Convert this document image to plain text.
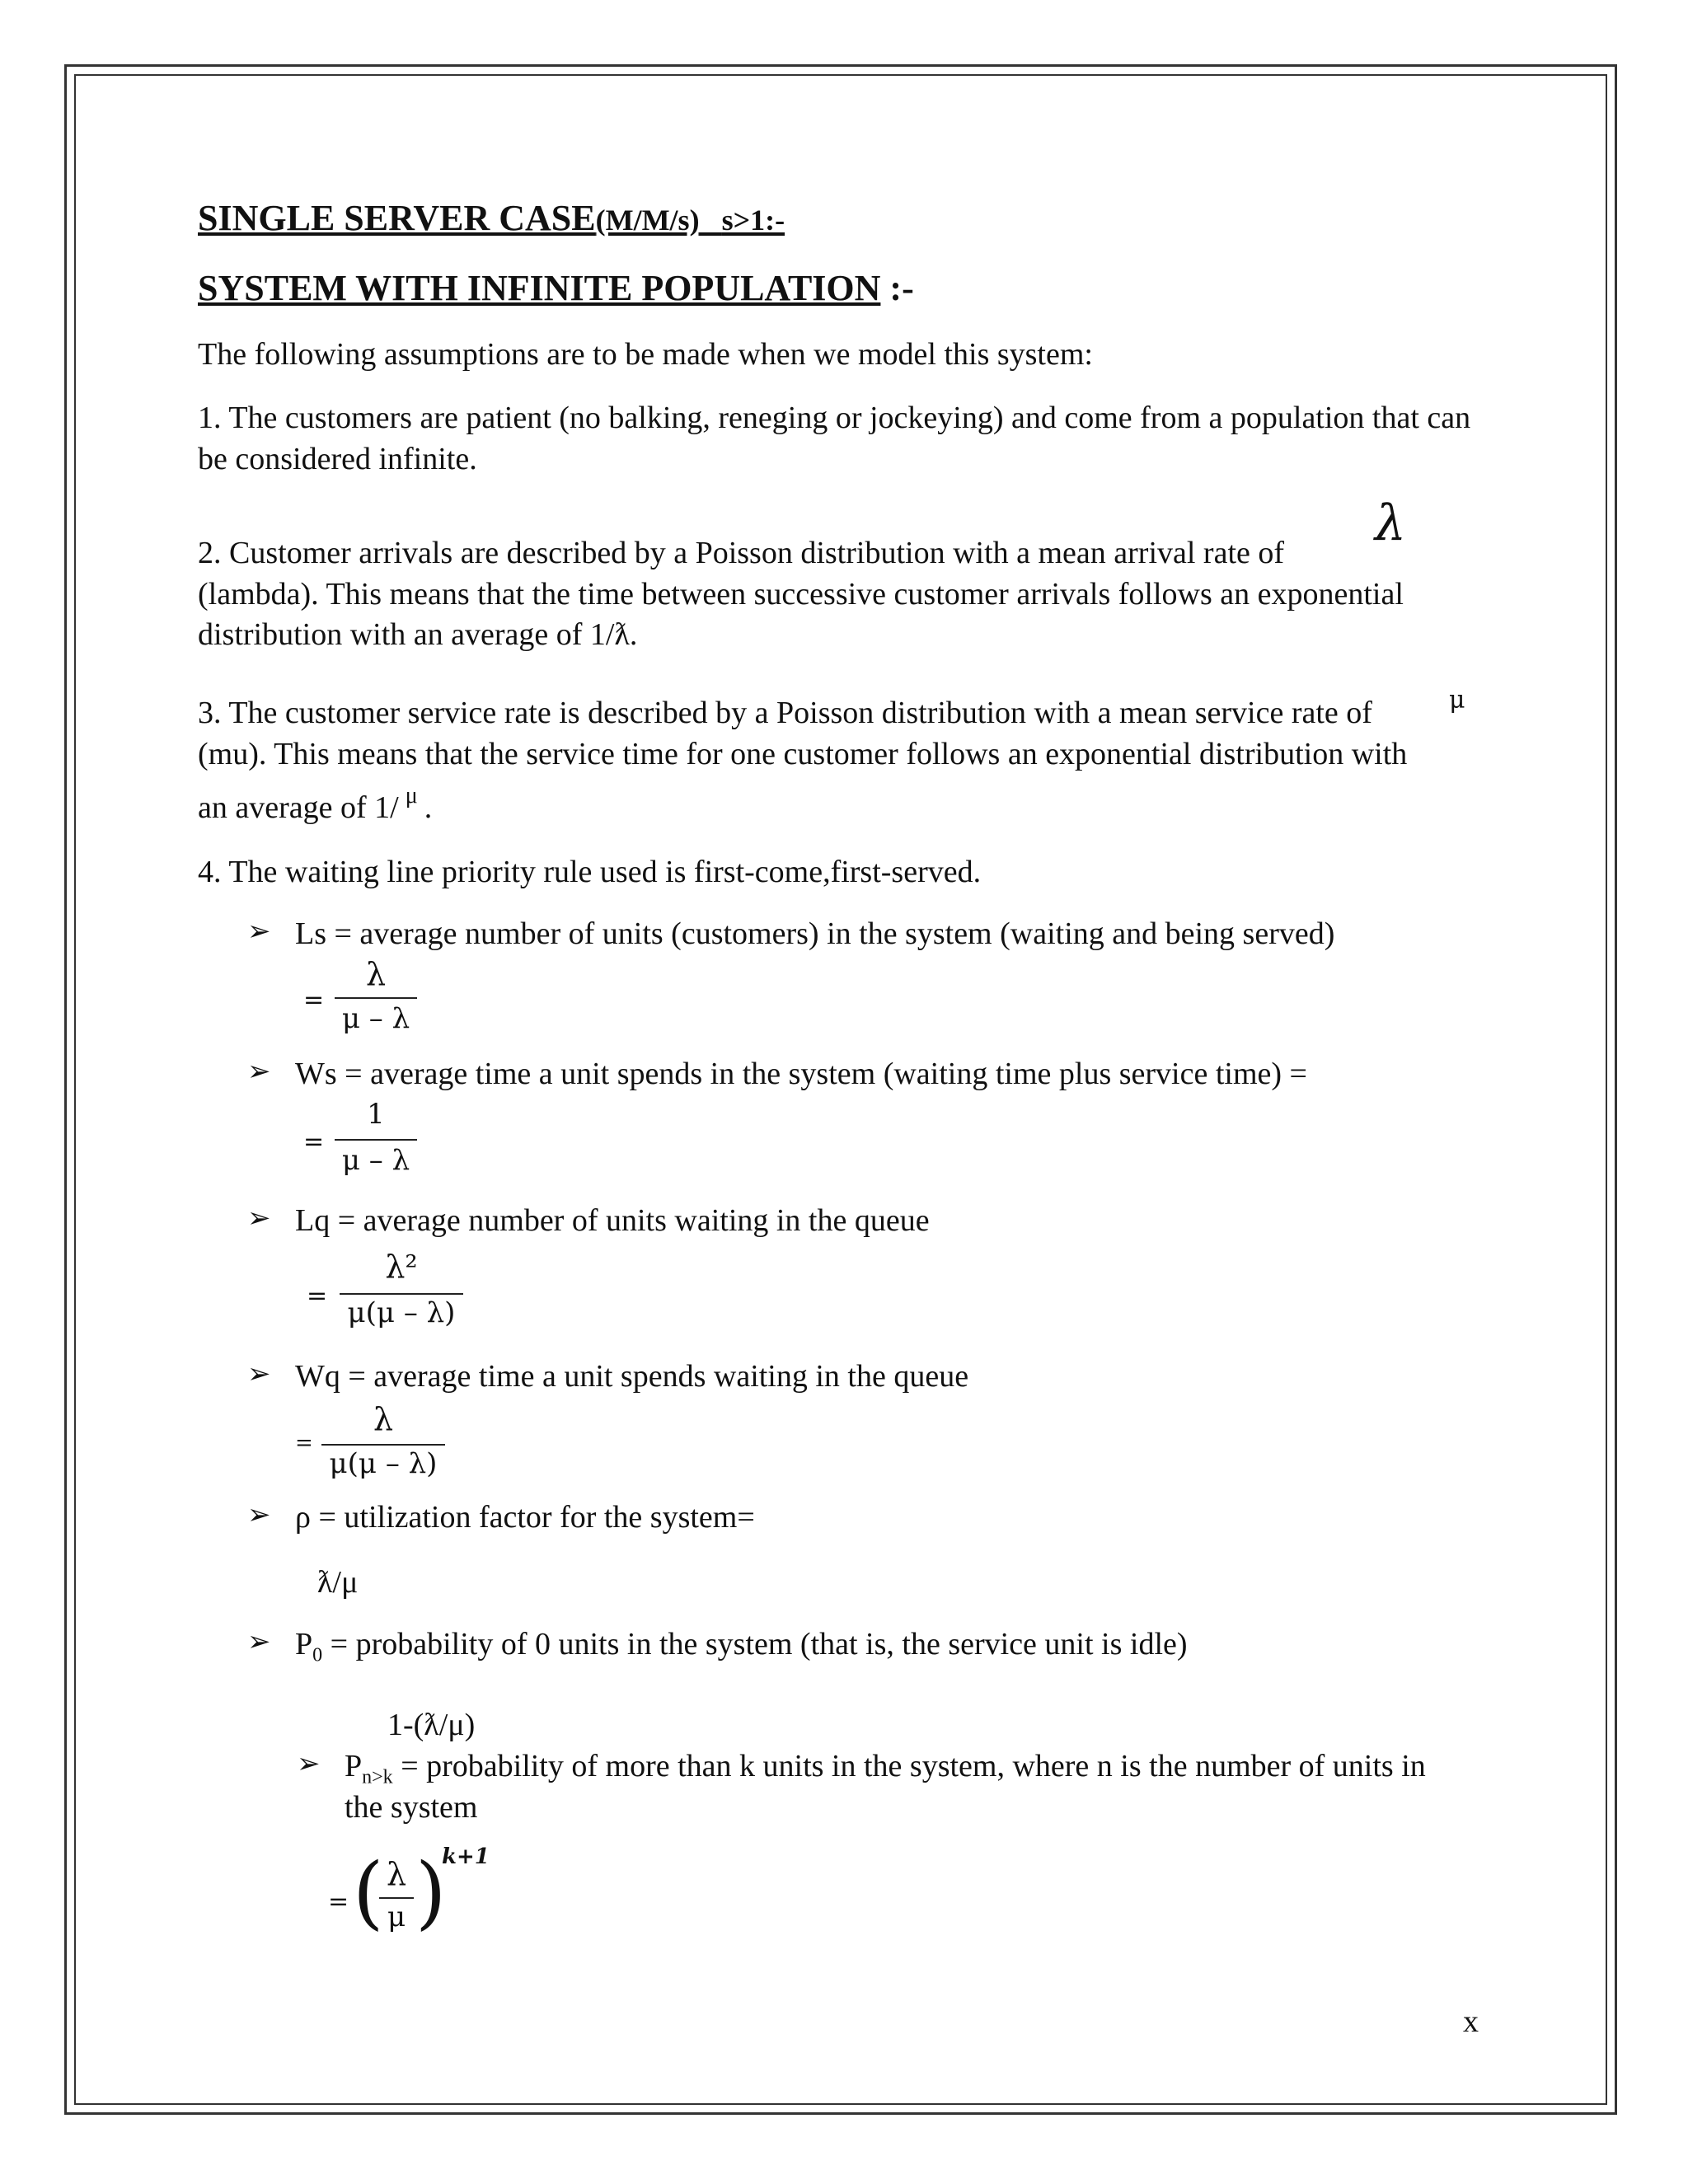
SINGLE SERVER CASE(M/M/s) s>1:-
SYSTEM WITH INFINITE POPULATION :-
The following assumptions are to be made when we model this system:
1. The customers are patient (no balking, reneging or jockeying) and come from a population that can be considered infinite.
2. Customer arrivals are described by a Poisson distribution with a mean arrival rate of
λ
(lambda). This means that the time between successive customer arrivals follows an exponential
distribution with an average of 1/ƛ.
3. The customer service rate is described by a Poisson distribution with a mean service rate of	μ
(mu). This means that the service time for one customer follows an exponential distribution with
an average of 1/ $^\mu$ .
4. The waiting line priority rule used is first-come,first-served.
➢ Ls = average number of units (customers) in the system (waiting and being served)
=
λ
μ – λ
➢ Ws = average time a unit spends in the system (waiting time plus service time) =
=
1
μ – λ
➢ Lq = average number of units waiting in the queue
=
λ²
μ(μ – λ)
➢ Wq = average time a unit spends waiting in the queue
=
λ
μ(μ – λ)
➢ ρ = utilization factor for the system=
ƛ/μ
➢ $P_0$ = probability of 0 units in the system (that is, the service unit is idle)
1-(ƛ/μ)
➢ $P_{n>k}$ = probability of more than k units in the system, where n is the number of units in
the system
= ( λ
μ )
k+1
x
